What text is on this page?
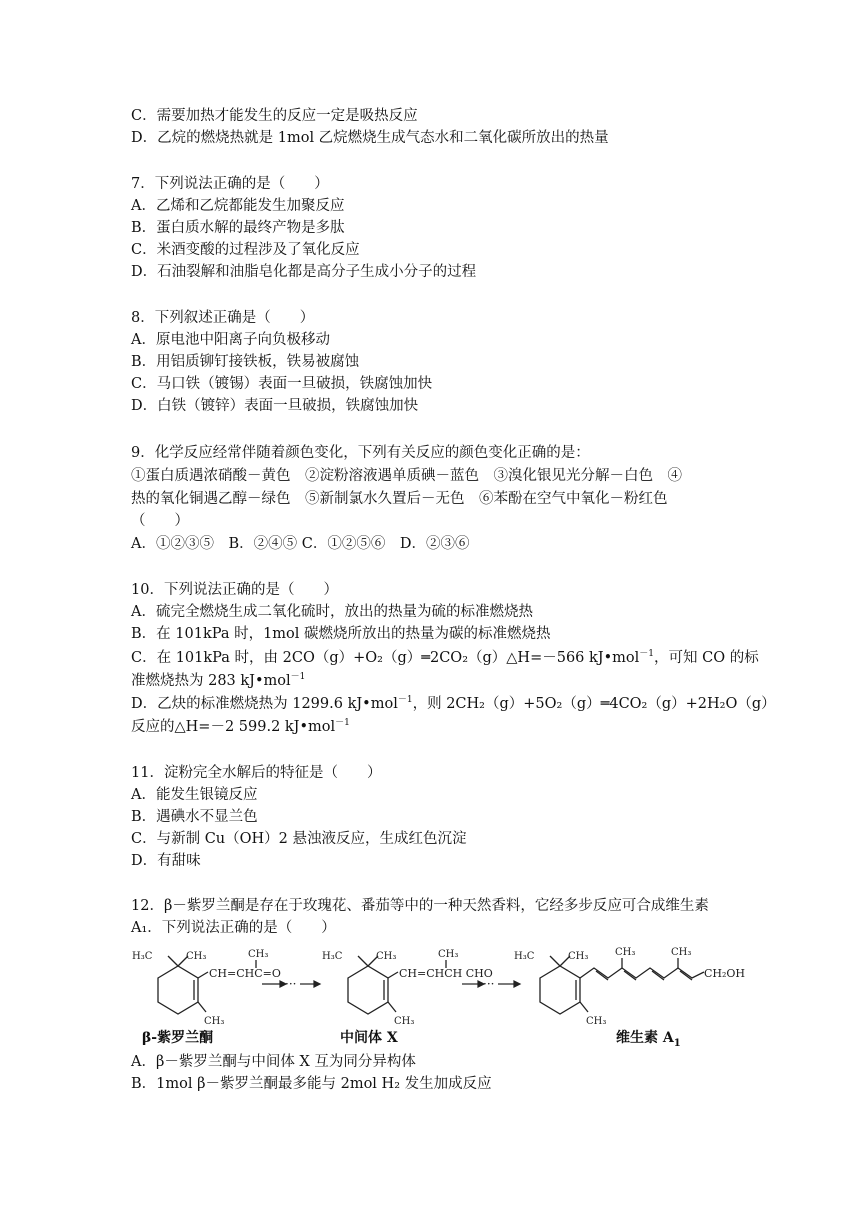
C．需要加热才能发生的反应一定是吸热反应
D．乙烷的燃烧热就是 1mol 乙烷燃烧生成气态水和二氧化碳所放出的热量
7．下列说法正确的是（　　）
A．乙烯和乙烷都能发生加聚反应
B．蛋白质水解的最终产物是多肽
C．米酒变酸的过程涉及了氧化反应
D．石油裂解和油脂皂化都是高分子生成小分子的过程
8．下列叙述正确是（　　）
A．原电池中阳离子向负极移动
B．用铝质铆钉接铁板，铁易被腐蚀
C．马口铁（镀锡）表面一旦破损，铁腐蚀加快
D．白铁（镀锌）表面一旦破损，铁腐蚀加快
9．化学反应经常伴随着颜色变化，下列有关反应的颜色变化正确的是：
①蛋白质遇浓硝酸－黄色　②淀粉溶液遇单质碘－蓝色　③溴化银见光分解－白色　④
热的氧化铜遇乙醇－绿色　⑤新制氯水久置后－无色　⑥苯酚在空气中氧化－粉红色
（　　）
A．①②③⑤　B．②④⑤ C．①②⑤⑥　D．②③⑥
10．下列说法正确的是（　　）
A．硫完全燃烧生成二氧化硫时，放出的热量为硫的标准燃烧热
B．在 101kPa 时，1mol 碳燃烧所放出的热量为碳的标准燃烧热
C．在 101kPa 时，由 2CO（g）+O₂（g）═2CO₂（g）△H=－566 kJ•mol$^{-1}$，可知 CO 的标
准燃烧热为 283 kJ•mol$^{-1}$
D．乙炔的标准燃烧热为 1299.6 kJ•mol$^{-1}$，则 2CH₂（g）+5O₂（g）═4CO₂（g）+2H₂O（g）
反应的△H=－2 599.2 kJ•mol$^{-1}$
11．淀粉完全水解后的特征是（　　）
A．能发生银镜反应
B．遇碘水不显兰色
C．与新制 Cu（OH）2 悬浊液反应，生成红色沉淀
D．有甜味
12．β－紫罗兰酮是存在于玫瑰花、番茄等中的一种天然香料，它经多步反应可合成维生素
A₁．下列说法正确的是（　　）
H₃C	CH₃	CH₃
CH₃
CH=CHC=O
···
H₃C	CH₃	CH₃
CH₃
CH=CHCH CHO
···
H₃C	CH₃	CH₃	CH₃
CH₃
CH₂OH
β-紫罗兰酮	中间体 X	维生素 $A_1$
A．β－紫罗兰酮与中间体 X 互为同分异构体
B．1mol β－紫罗兰酮最多能与 2mol H₂ 发生加成反应
